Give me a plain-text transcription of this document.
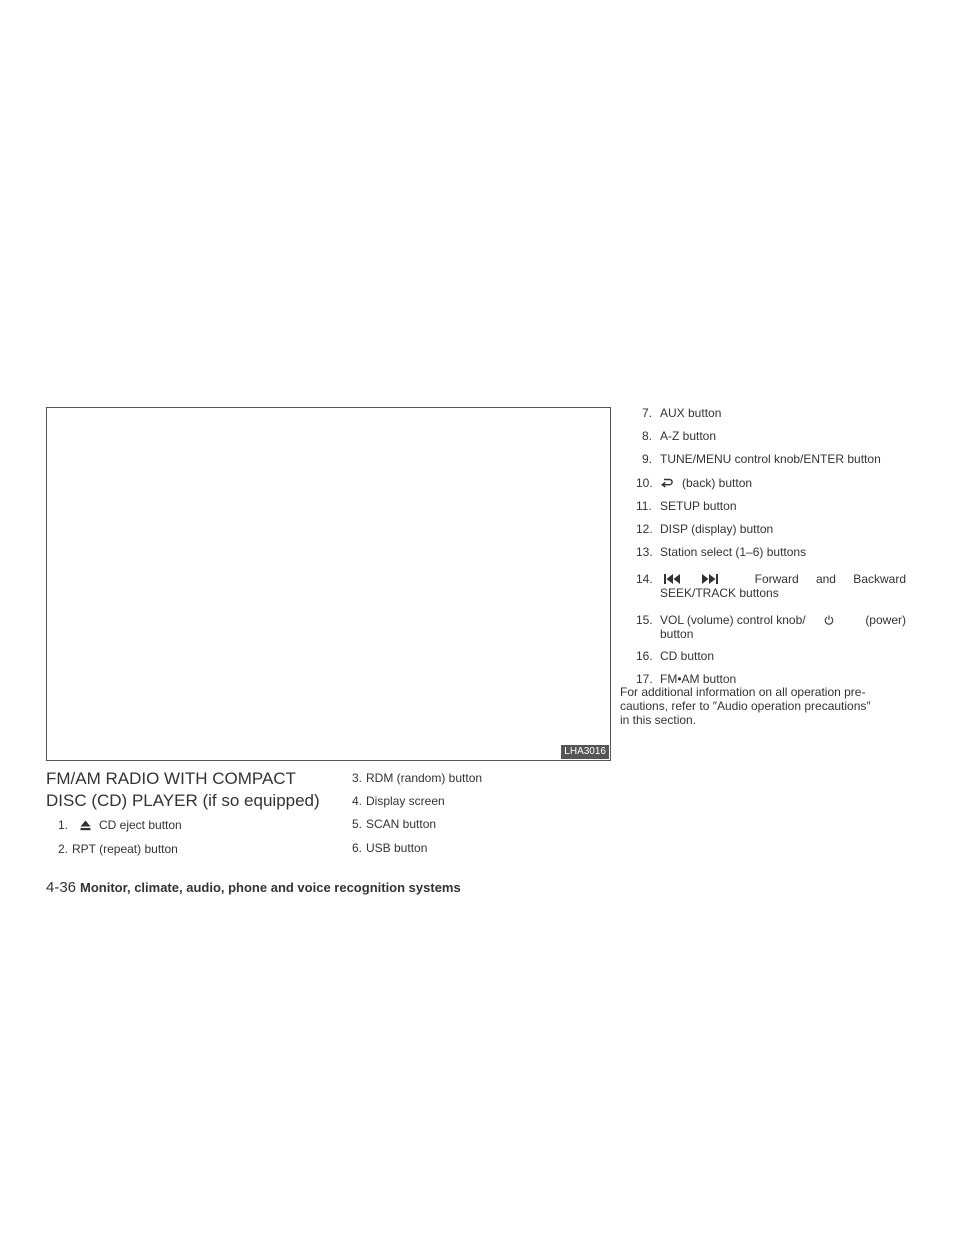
LHA3016
FM/AM RADIO WITH COMPACT
DISC (CD) PLAYER (if so equipped)
1.	CD eject button
2. RPT (repeat) button
3. RDM (random) button
4. Display screen
5. SCAN button
6. USB button
7. AUX button
8. A-Z button
9. TUNE/MENU control knob/ENTER button
10. (back) button
11. SETUP button
12. DISP (display) button
13. Station select (1–6) buttons
14.	Forward and Backward
SEEK/TRACK buttons
15. VOL (volume) control knob/	(power)
button
16. CD button
17. FM•AM button

For additional information on all operation pre-
cautions, refer to ″Audio operation precautions″
in this section.

4-36 Monitor, climate, audio, phone and voice recognition systems
